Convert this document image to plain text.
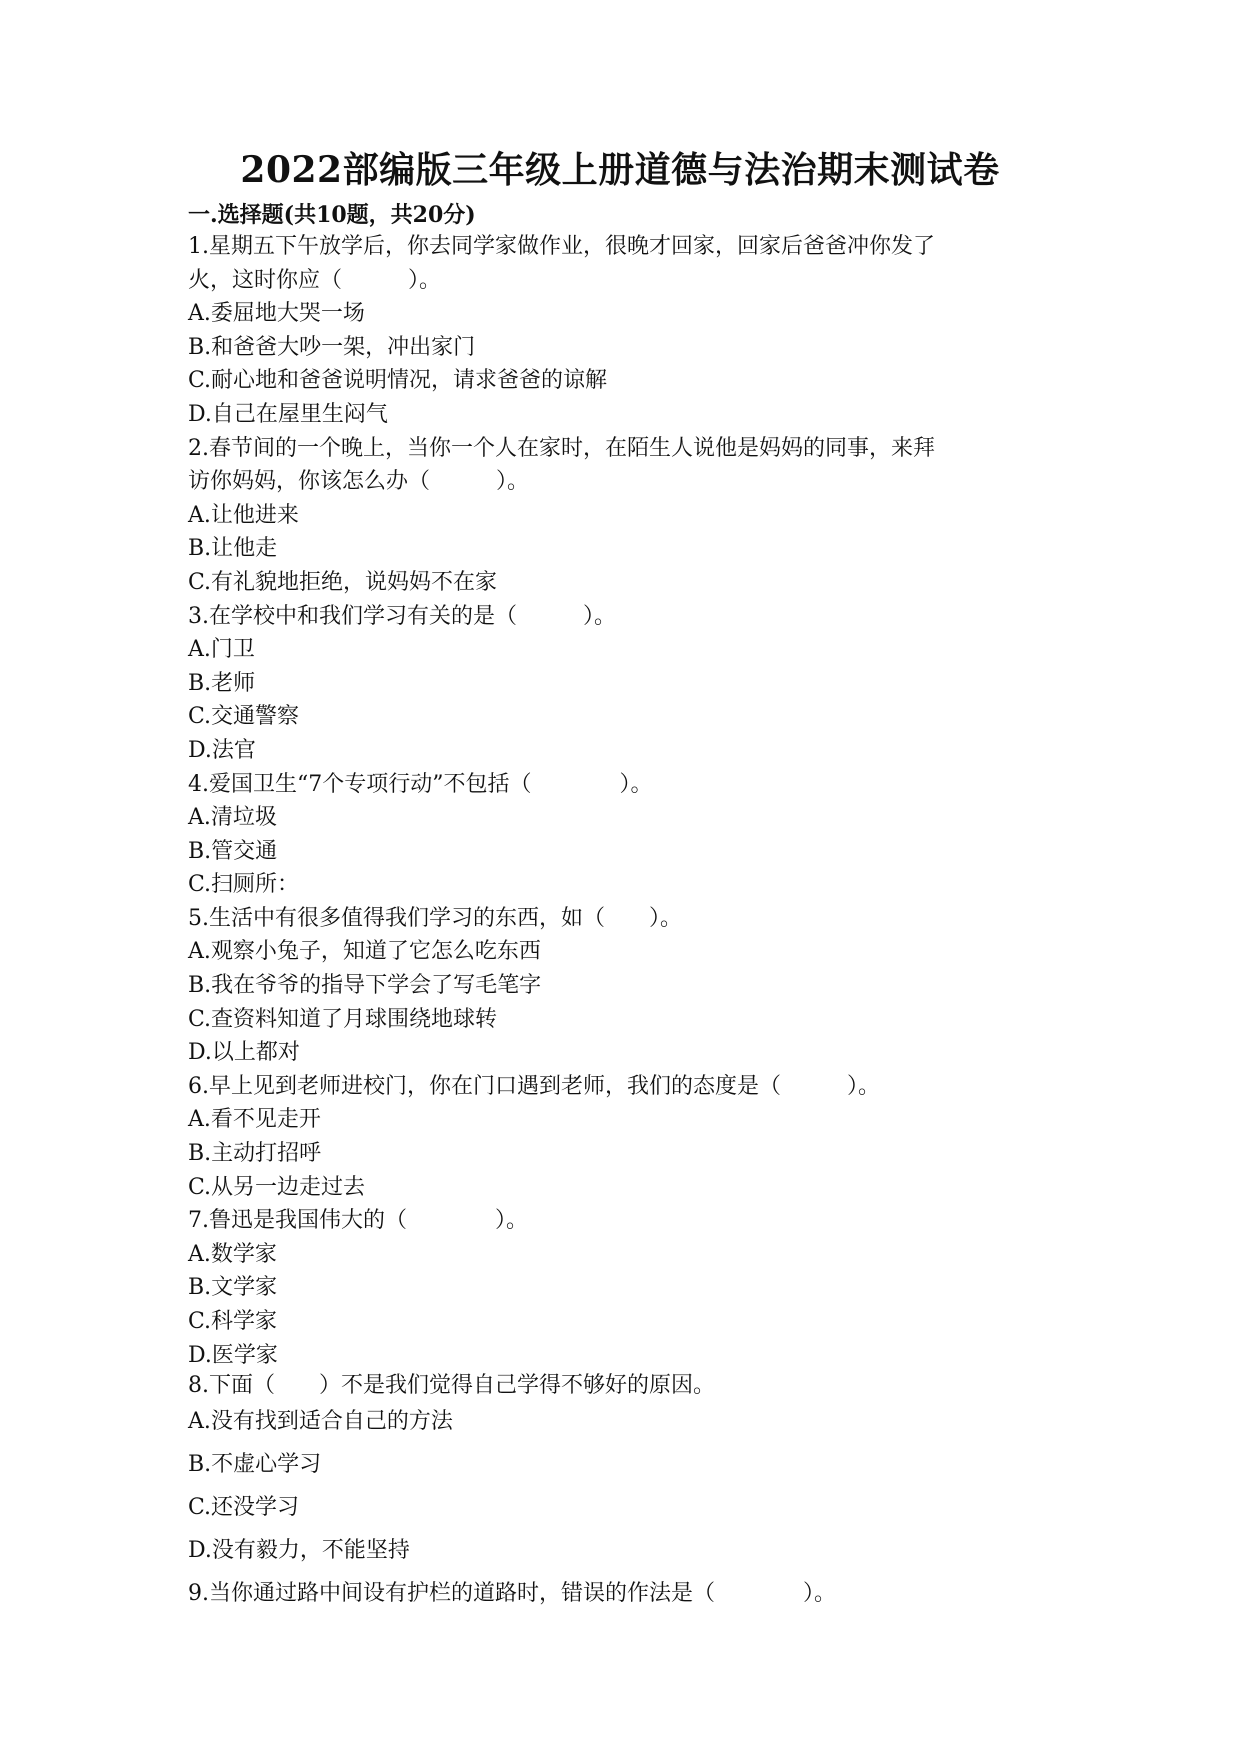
2022部编版三年级上册道德与法治期末测试卷
一.选择题(共10题，共20分)
1.星期五下午放学后，你去同学家做作业，很晚才回家，回家后爸爸冲你发了
火，这时你应（　　　）。
A.委屈地大哭一场
B.和爸爸大吵一架，冲出家门
C.耐心地和爸爸说明情况，请求爸爸的谅解
D.自己在屋里生闷气
2.春节间的一个晚上，当你一个人在家时，在陌生人说他是妈妈的同事，来拜
访你妈妈，你该怎么办（　　　）。
A.让他进来
B.让他走
C.有礼貌地拒绝，说妈妈不在家
3.在学校中和我们学习有关的是（　　　）。
A.门卫
B.老师
C.交通警察
D.法官
4.爱国卫生“7个专项行动”不包括（　　　　）。
A.清垃圾
B.管交通
C.扫厕所：
5.生活中有很多值得我们学习的东西，如（　　）。
A.观察小兔子，知道了它怎么吃东西
B.我在爷爷的指导下学会了写毛笔字
C.查资料知道了月球围绕地球转
D.以上都对
6.早上见到老师进校门，你在门口遇到老师，我们的态度是（　　　）。
A.看不见走开
B.主动打招呼
C.从另一边走过去
7.鲁迅是我国伟大的（　　　　）。
A.数学家
B.文学家
C.科学家
D.医学家
8.下面（　　）不是我们觉得自己学得不够好的原因。
A.没有找到适合自己的方法
B.不虚心学习
C.还没学习
D.没有毅力，不能坚持
9.当你通过路中间设有护栏的道路时，错误的作法是（　　　　）。
